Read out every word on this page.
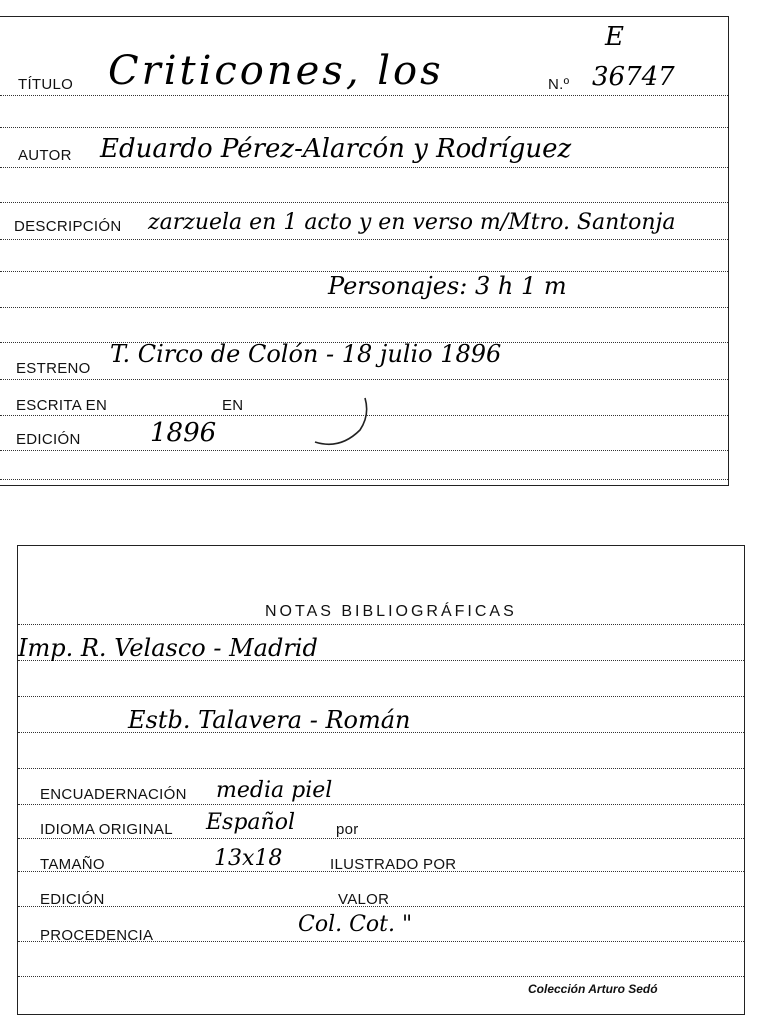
E
TÍTULO Criticones, los	N.º 36747
AUTOR Eduardo Pérez-Alarcón y Rodríguez
DESCRIPCIÓN zarzuela en 1 acto y en verso m/Mtro. Santonja
Personajes: 3 h 1 m
ESTRENO
T. Circo de Colón - 18 julio 1896
ESCRITA EN	EN
EDICIÓN	1896
NOTAS BIBLIOGRÁFICAS
Imp. R. Velasco - Madrid
Estb. Talavera - Román
ENCUADERNACIÓN media piel
IDIOMA ORIGINAL Español	por
TAMAÑO	13x18	ILUSTRADO POR
EDICIÓN	VALOR
PROCEDENCIA	Col. Cot. "
Colección Arturo Sedó
